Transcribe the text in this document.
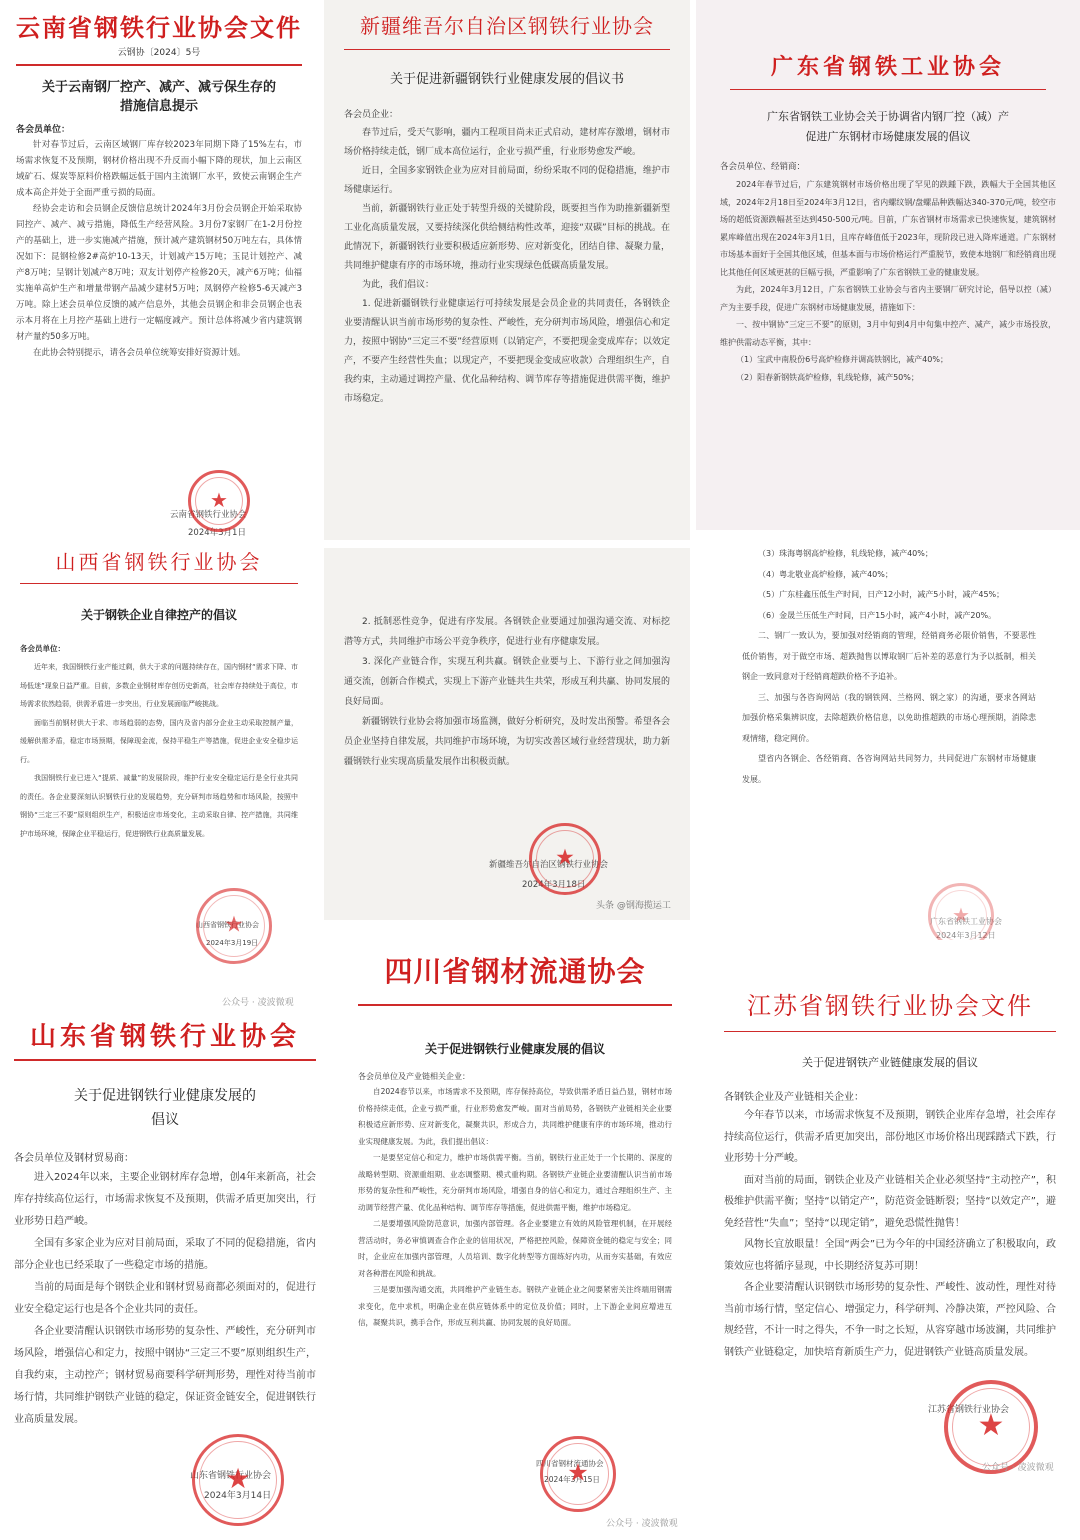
云南省钢铁行业协会文件
云钢协〔2024〕5号
关于云南钢厂控产、减产、减亏保生存的
措施信息提示
各会员单位：

针对春节过后，云南区域钢厂库存较2023年同期下降了15%左右，市场需求恢复不及预期，钢材价格出现不升反而小幅下降的现状，加上云南区域矿石、煤炭等原料价格跌幅远低于国内主流钢厂水平，致使云南钢企生产成本高企并处于全面严重亏损的局面。

经协会走访和会员钢企反馈信息统计2024年3月份会员钢企开始采取协同控产、减产、减亏措施，降低生产经营风险。3月份7家钢厂在1-2月份控产的基础上，进一步实施减产措施，预计减产建筑钢材50万吨左右，具体情况如下：昆钢检修2#高炉10-13天，计划减产15万吨；玉昆计划控产、减产8万吨；呈钢计划减产8万吨；双友计划停产检修20天，减产6万吨；仙福实施单高炉生产和增量带钢产品减少建材5万吨；凤钢停产检修5-6天减产3万吨。除上述会员单位反馈的减产信息外，其他会员钢企和非会员钢企也表示本月将在上月控产基础上进行一定幅度减产。预计总体将减少省内建筑钢材产量约50多万吨。

在此协会特别提示，请各会员单位统筹安排好资源计划。

云南省钢铁行业协会
2024年3月1日
★
新疆维吾尔自治区钢铁行业协会
关于促进新疆钢铁行业健康发展的倡议书
各会员企业：

春节过后，受天气影响，疆内工程项目尚未正式启动，建材库存激增，钢材市场价格持续走低，钢厂成本高位运行，企业亏损严重，行业形势愈发严峻。

近日，全国多家钢铁企业为应对目前局面，纷纷采取不同的促稳措施，维护市场健康运行。

当前，新疆钢铁行业正处于转型升级的关键阶段，既要担当作为助推新疆新型工业化高质量发展，又要持续深化供给侧结构性改革，迎接“双碳”目标的挑战。在此情况下，新疆钢铁行业要积极适应新形势、应对新变化，团结自律、凝聚力量，共同维护健康有序的市场环境，推动行业实现绿色低碳高质量发展。

为此，我们倡议：

1. 促进新疆钢铁行业健康运行可持续发展是会员企业的共同责任，各钢铁企业要清醒认识当前市场形势的复杂性、严峻性，充分研判市场风险，增强信心和定力，按照中钢协“三定三不要”经营原则（以销定产，不要把现金变成库存；以效定产，不要产生经营性失血；以现定产，不要把现金变成应收款）合理组织生产，自我约束，主动通过调控产量、优化品种结构、调节库存等措施促进供需平衡，维护市场稳定。

广东省钢铁工业协会
广东省钢铁工业协会关于协调省内钢厂控（减）产
促进广东钢材市场健康发展的倡议
各会员单位、经销商：

2024年春节过后，广东建筑钢材市场价格出现了罕见的跌踵下跌，跌幅大于全国其他区域，2024年2月18日至2024年3月12日，省内螺纹钢/盘螺品种跌幅达340-370元/吨，较空市场的超低资源跌幅甚至达到450-500元/吨。目前，广东省钢材市场需求已快速恢复，建筑钢材累库峰值出现在2024年3月1日，且库存峰值低于2023年，现阶段已进入降库通道。广东钢材市场基本面好于全国其他区域，但基本面与市场价格运行严重脱节，致使本地钢厂和经销商出现比其他任何区域更甚的巨幅亏损，严重影响了广东省钢铁工业的健康发展。

为此，2024年3月12日，广东省钢铁工业协会与省内主要钢厂研究讨论，倡导以控（减）产为主要手段，促进广东钢材市场健康发展，措施如下：

一、按中钢协“三定三不要”的原则，3月中旬到4月中旬集中控产、减产，减少市场投放，维护供需动态平衡，其中：

（1）宝武中南股份6号高炉检修并调高铁钢比，减产40%；

（2）阳春新钢铁高炉检修，轧线轮修，减产50%；

山西省钢铁行业协会
关于钢铁企业自律控产的倡议
各会员单位：

近年来，我国钢铁行业产能过剩，供大于求的问题持续存在，国内钢材“需求下降、市场低迷”现象日益严重。目前，多数企业钢材库存创历史新高，社会库存持续处于高位，市场需求依然趋弱，供需矛盾进一步突出，行业发展面临严峻挑战。

面临当前钢材供大于求、市场趋弱的态势，国内及省内部分企业主动采取控制产量，缓解供需矛盾，稳定市场预期，保障现金流，保持平稳生产等措施，促进企业安全稳步运行。

我国钢铁行业已进入“提质、减量”的发展阶段，维护行业安全稳定运行是全行业共同的责任。各企业要深刻认识钢铁行业的发展趋势，充分研判市场趋势和市场风险，按照中钢协“三定三不要”原则组织生产，积极适应市场变化，主动采取自律、控产措施，共同维护市场环境，保障企业平稳运行，促进钢铁行业高质量发展。

山西省钢铁行业协会
2024年3月19日
★
公众号 · 凌波微观

2. 抵制恶性竞争，促进有序发展。各钢铁企业要通过加强沟通交流、对标挖潜等方式，共同维护市场公平竞争秩序，促进行业有序健康发展。

3. 深化产业链合作，实现互利共赢。钢铁企业要与上、下游行业之间加强沟通交流，创新合作模式，实现上下游产业链共生共荣，形成互利共赢、协同发展的良好局面。

新疆钢铁行业协会将加强市场监测，做好分析研究，及时发出预警。希望各会员企业坚持自律发展，共同维护市场环境，为切实改善区域行业经营现状，助力新疆钢铁行业实现高质量发展作出积极贡献。

新疆维吾尔自治区钢铁行业协会
2024年3月18日
★
头条 @钢海揽运工

（3）珠海粤钢高炉检修，轧线轮修，减产40%；

（4）粤北敬业高炉检修，减产40%；

（5）广东桂鑫压低生产时间，日产12小时，减产5小时，减产45%；

（6）金晟兰压低生产时间，日产15小时，减产4小时，减产20%。

二、钢厂一致认为，要加强对经销商的管理，经销商务必限价销售，不要恶性低价销售，对于做空市场、超跌抛售以博取钢厂后补差的恶意行为予以抵制，相关钢企一致同意对于经销商超跌价格不予追补。

三、加强与各咨询网站（我的钢铁网、兰格网、钢之家）的沟通，要求各网站加强价格采集辨识度，去除超跌价格信息，以免助推超跌的市场心理预期，消除悲观情绪，稳定网价。

望省内各钢企、各经销商、各咨询网站共同努力，共同促进广东钢材市场健康发展。

广东省钢铁工业协会
2024年3月12日
★
山东省钢铁行业协会
关于促进钢铁行业健康发展的
倡议
各会员单位及钢材贸易商：

进入2024年以来，主要企业钢材库存急增，创4年来新高，社会库存持续高位运行，市场需求恢复不及预期，供需矛盾更加突出，行业形势日趋严峻。

全国有多家企业为应对目前局面，采取了不同的促稳措施，省内部分企业也已经采取了一些稳定市场的措施。

当前的局面是每个钢铁企业和钢材贸易商都必须面对的，促进行业安全稳定运行也是各个企业共同的责任。

各企业要清醒认识钢铁市场形势的复杂性、严峻性，充分研判市场风险，增强信心和定力，按照中钢协“三定三不要”原则组织生产，自我约束，主动控产；钢材贸易商要科学研判形势，理性对待当前市场行情，共同维护钢铁产业链的稳定，保证资金链安全，促进钢铁行业高质量发展。

山东省钢铁行业协会
2024年3月14日
★
四川省钢材流通协会
关于促进钢铁行业健康发展的倡议
各会员单位及产业链相关企业：

自2024春节以来，市场需求不及预期，库存保持高位，导致供需矛盾日益凸显，钢材市场价格持续走低，企业亏损严重，行业形势愈发严峻。面对当前局势，各钢铁产业链相关企业要积极适应新形势、应对新变化，凝聚共识，形成合力，共同维护健康有序的市场环境，推动行业实现健康发展。为此，我们提出倡议：

一是要坚定信心和定力，维护市场供需平衡。当前，钢铁行业正处于一个长期的、深度的战略转型期、资源重组期、业态调整期、模式重构期。各钢铁产业链企业要清醒认识当前市场形势的复杂性和严峻性，充分研判市场风险，增强自身的信心和定力，通过合理组织生产、主动调节经营产量、优化品种结构、调节库存等措施，促进供需平衡，维护市场稳定。

二是要增强风险防范意识，加强内部管理。各企业要建立有效的风险管理机制，在开展经营活动时，务必审慎调查合作企业的信用状况，严格把控风险，保障资金链的稳定与安全；同时，企业应在加强内部管理，人员培训、数字化转型等方面练好内功，从而夯实基础，有效应对各种潜在风险和挑战。

三是要加强沟通交流，共同维护产业链生态。钢铁产业链企业之间要紧密关注终端用钢需求变化，危中求机，明确企业在供应链体系中的定位及价值；同时，上下游企业间应增进互信，凝聚共识，携手合作，形成互利共赢、协同发展的良好局面。

四川省钢材流通协会
2024年3月15日
★
公众号 · 凌波微观
江苏省钢铁行业协会文件
关于促进钢铁产业链健康发展的倡议
各钢铁企业及产业链相关企业：

今年春节以来，市场需求恢复不及预期，钢铁企业库存急增，社会库存持续高位运行，供需矛盾更加突出，部份地区市场价格出现踩踏式下跌，行业形势十分严峻。

面对当前的局面，钢铁企业及产业链相关企业必须坚持“主动控产”，积极维护供需平衡；坚持“以销定产”，防范资金链断裂；坚持“以效定产”，避免经营性“失血”；坚持“以现定销”，避免恐慌性抛售！

风物长宜放眼量！全国“两会”已为今年的中国经济确立了积极取向，政策效应也将循序显现，中长期经济复苏可期！

各企业要清醒认识钢铁市场形势的复杂性、严峻性、波动性，理性对待当前市场行情，坚定信心、增强定力，科学研判、冷静决策，严控风险、合规经营，不计一时之得失，不争一时之长短，从容穿越市场波澜，共同维护钢铁产业链稳定，加快培育新质生产力，促进钢铁产业链高质量发展。

江苏省钢铁行业协会
★
公众号 · 凌波微观
